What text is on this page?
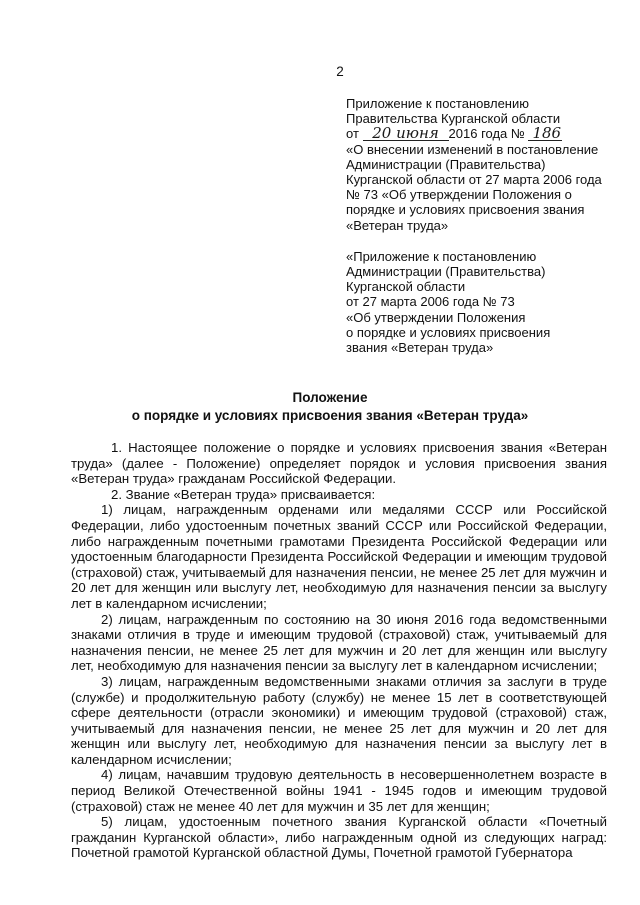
2
Приложение к постановлению
Правительства Курганской области
от 20 июня 2016 года № 186
«О внесении изменений в постановление
Администрации (Правительства)
Курганской области от 27 марта 2006 года
№ 73 «Об утверждении Положения о
порядке и условиях присвоения звания
«Ветеран труда»
«Приложение к постановлению
Администрации (Правительства)
Курганской области
от 27 марта 2006 года № 73
«Об утверждении Положения
о порядке и условиях присвоения
звания «Ветеран труда»
Положение
о порядке и условиях присвоения звания «Ветеран труда»

1. Настоящее положение о порядке и условиях присвоения звания «Ветеран труда» (далее - Положение) определяет порядок и условия присвоения звания «Ветеран труда» гражданам Российской Федерации.

2. Звание «Ветеран труда» присваивается:

1) лицам, награжденным орденами или медалями СССР или Российской Федерации, либо удостоенным почетных званий СССР или Российской Федерации, либо награжденным почетными грамотами Президента Российской Федерации или удостоенным благодарности Президента Российской Федерации и имеющим трудовой (страховой) стаж, учитываемый для назначения пенсии, не менее 25 лет для мужчин и 20 лет для женщин или выслугу лет, необходимую для назначения пенсии за выслугу лет в календарном исчислении;

2) лицам, награжденным по состоянию на 30 июня 2016 года ведомственными знаками отличия в труде и имеющим трудовой (страховой) стаж, учитываемый для назначения пенсии, не менее 25 лет для мужчин и 20 лет для женщин или выслугу лет, необходимую для назначения пенсии за выслугу лет в календарном исчислении;

3) лицам, награжденным ведомственными знаками отличия за заслуги в труде (службе) и продолжительную работу (службу) не менее 15 лет в соответствующей сфере деятельности (отрасли экономики) и имеющим трудовой (страховой) стаж, учитываемый для назначения пенсии, не менее 25 лет для мужчин и 20 лет для женщин или выслугу лет, необходимую для назначения пенсии за выслугу лет в календарном исчислении;

4) лицам, начавшим трудовую деятельность в несовершеннолетнем возрасте в период Великой Отечественной войны 1941 - 1945 годов и имеющим трудовой (страховой) стаж не менее 40 лет для мужчин и 35 лет для женщин;

5) лицам, удостоенным почетного звания Курганской области «Почетный гражданин Курганской области», либо награжденным одной из следующих наград: Почетной грамотой Курганской областной Думы, Почетной грамотой Губернатора
